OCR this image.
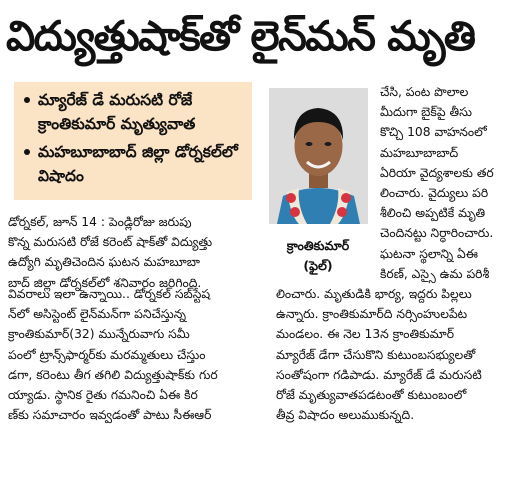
విద్యుత్తుషాక్‌తో లైన్‌మన్‌ మృతి
మ్యారేజ్‌ డే మరుసటి రోజే క్రాంతికుమార్‌ మృత్యువాత
మహబూబాబాద్‌ జిల్లా డోర్నకల్‌లో విషాదం
క్రాంతికుమార్‌
(ఫైల్‌)
చేసి, పంట పొలాల
మీదుగా బైక్‌పై తీసు
కొచ్చి 108 వాహనంలో
మహబూబాబాద్‌
ఏరియా వైద్యశాలకు తర
లించారు. వైద్యులు పరి
శీలించి అప్పటికే మృతి
చెందినట్టు నిర్ధారించారు.
ఘటనా స్థలాన్ని ఏఈ
కిరణ్‌, ఎస్సై ఉమ పరిశీ
డోర్నకల్‌, జూన్‌ 14 : పెండ్లిరోజు జరుపు
కొన్న మరుసటి రోజే కరెంట్‌ షాక్‌తో విద్యుత్తు
ఉద్యోగి మృతిచెందిన ఘటన మహబూబా
బాద్‌ జిల్లా డోర్నకల్‌లో శనివారం జరిగింది.
వివరాలు ఇలా ఉన్నాయి.. డోర్నకల్‌ సబ్‌స్టేష
న్‌లో అసిస్టెంట్‌ లైన్‌మన్‌గా పనిచేస్తున్న
క్రాంతికుమార్‌(32) మున్నేరువాగు సమీ
పంలో ట్రాన్స్‌ఫార్మర్‌కు మరమ్మతులు చేస్తుం
డగా, కరెంటు తీగ తగిలి విద్యుత్తుషాక్‌కు గుర
య్యాడు. స్థానిక రైతు గమనించి ఏఈ కిర
ణ్‌కు సమాచారం ఇవ్వడంతో పాటు సీఈఆర్‌
లించారు. మృతుడికి భార్య, ఇద్దరు పిల్లలు
ఉన్నారు. క్రాంతికుమార్‌ది నర్సింహులపేట
మండలం. ఈ నెల 13న క్రాంతికుమార్‌
మ్యారేజ్‌ డేగా చేసుకొని కుటుంబసభ్యులతో
సంతోషంగా గడిపాడు. మ్యారేజ్‌ డే మరుసటి
రోజే మృత్యువాతపడటంతో కుటుంబంలో
తీవ్ర విషాదం అలుముకున్నది.
